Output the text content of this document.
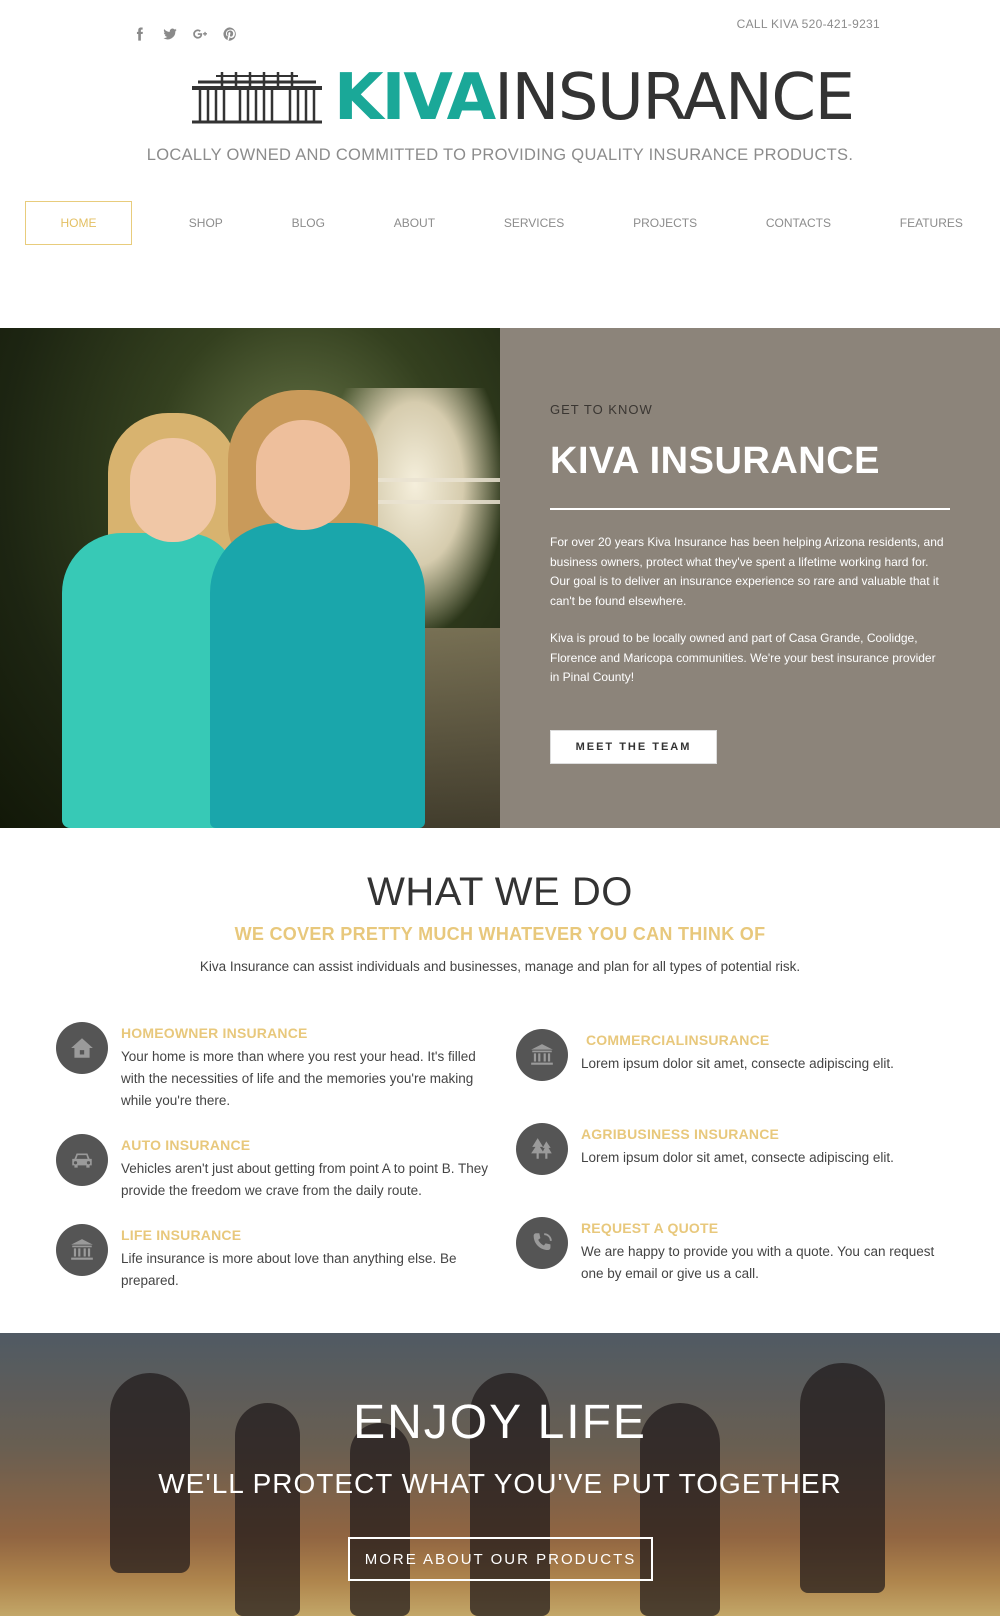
CALL KIVA 520-421-9231
KIVA INSURANCE
LOCALLY OWNED AND COMMITTED TO PROVIDING QUALITY INSURANCE PRODUCTS.
HOME	SHOP	BLOG	ABOUT	SERVICES	PROJECTS	CONTACTS	FEATURES
GET TO KNOW
KIVA INSURANCE

For over 20 years Kiva Insurance has been helping Arizona residents, and business owners, protect what they've spent a lifetime working hard for. Our goal is to deliver an insurance experience so rare and valuable that it can't be found elsewhere.

Kiva is proud to be locally owned and part of Casa Grande, Coolidge, Florence and Maricopa communities. We're your best insurance provider in Pinal County!

MEET THE TEAM
WHAT WE DO
WE COVER PRETTY MUCH WHATEVER YOU CAN THINK OF
Kiva Insurance can assist individuals and businesses, manage and plan for all types of potential risk.
HOMEOWNER INSURANCE
Your home is more than where you rest your head. It's filled with the necessities of life and the memories you're making while you're there.
AUTO INSURANCE
Vehicles aren't just about getting from point A to point B. They provide the freedom we crave from the daily route.
LIFE INSURANCE
Life insurance is more about love than anything else. Be prepared.
COMMERCIALINSURANCE
Lorem ipsum dolor sit amet, consecte adipiscing elit.
AGRIBUSINESS INSURANCE
Lorem ipsum dolor sit amet, consecte adipiscing elit.
REQUEST A QUOTE
We are happy to provide you with a quote. You can request one by email or give us a call.
ENJOY LIFE
WE'LL PROTECT WHAT YOU'VE PUT TOGETHER
MORE ABOUT OUR PRODUCTS
